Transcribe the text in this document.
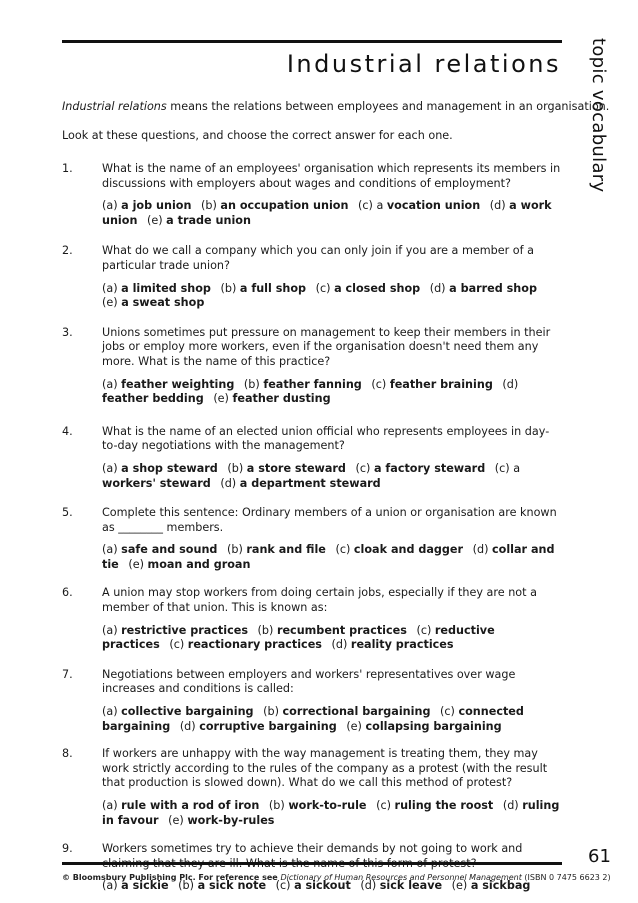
Industrial relations topic vocabulary

Industrial relations means the relations between employees and management in an organisation.

Look at these questions, and choose the correct answer for each one.

1.	What is the name of an employees' organisation which represents its members in discussions with employers about wages and conditions of employment?
(a) a job union (b) an occupation union (c) a vocation union (d) a work union (e) a trade union
2.	What do we call a company which you can only join if you are a member of a particular trade union?
(a) a limited shop (b) a full shop (c) a closed shop (d) a barred shop (e) a sweat shop
3.	Unions sometimes put pressure on management to keep their members in their jobs or employ more workers, even if the organisation doesn't need them any more. What is the name of this practice?
(a) feather weighting (b) feather fanning (c) feather braining (d) feather bedding (e) feather dusting
4.	What is the name of an elected union official who represents employees in day-to-day negotiations with the management?
(a) a shop steward (b) a store steward (c) a factory steward (c) a workers' steward (d) a department steward
5.	Complete this sentence: Ordinary members of a union or organisation are known as ________ members.
(a) safe and sound (b) rank and file (c) cloak and dagger (d) collar and tie (e) moan and groan
6.	A union may stop workers from doing certain jobs, especially if they are not a member of that union. This is known as:
(a) restrictive practices (b) recumbent practices (c) reductive practices (c) reactionary practices (d) reality practices
7.	Negotiations between employers and workers' representatives over wage increases and conditions is called:
(a) collective bargaining (b) correctional bargaining (c) connected bargaining (d) corruptive bargaining (e) collapsing bargaining
8.	If workers are unhappy with the way management is treating them, they may work strictly according to the rules of the company as a protest (with the result that production is slowed down). What do we call this method of protest?
(a) rule with a rod of iron (b) work-to-rule (c) ruling the roost (d) ruling in favour (e) work-by-rules
9.	Workers sometimes try to achieve their demands by not going to work and
(a) a sickie (b) a sick note (c) a sickout (d) sick leave (e) a sickbag
61
© Bloomsbury Publishing Plc. For reference see Dictionary of Human Resources and Personnel Management (ISBN 0 7475 6623 2)
